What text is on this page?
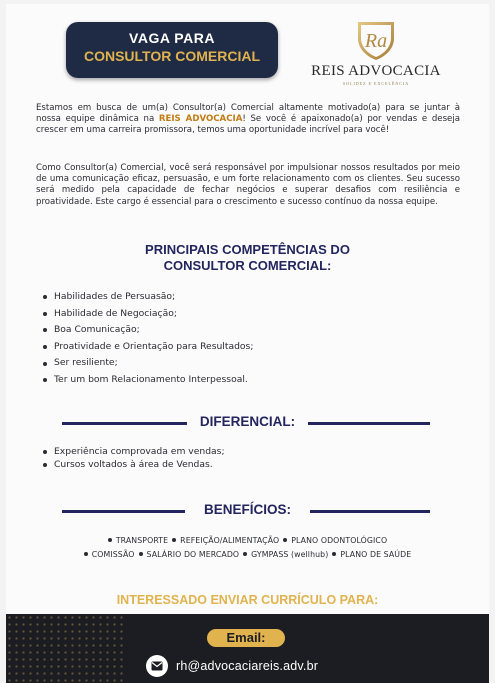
VAGA PARA
CONSULTOR COMERCIAL
Ra
REIS ADVOCACIA
SOLIDEZ E EXCELÊNCIA

Estamos em busca de um(a) Consultor(a) Comercial altamente motivado(a) para se juntar à nossa equipe dinâmica na REIS ADVOCACIA! Se você é apaixonado(a) por vendas e deseja crescer em uma carreira promissora, temos uma oportunidade incrível para você!

Como Consultor(a) Comercial, você será responsável por impulsionar nossos resultados por meio de uma comunicação eficaz, persuasão, e um forte relacionamento com os clientes. Seu sucesso será medido pela capacidade de fechar negócios e superar desafios com resiliência e proatividade. Este cargo é essencial para o crescimento e sucesso contínuo da nossa equipe.

PRINCIPAIS COMPETÊNCIAS DO
CONSULTOR COMERCIAL:
Habilidades de Persuasão;
Habilidade de Negociação;
Boa Comunicação;
Proatividade e Orientação para Resultados;
Ser resiliente;
Ter um bom Relacionamento Interpessoal.
DIFERENCIAL:
Experiência comprovada em vendas;
Cursos voltados à área de Vendas.
BENEFÍCIOS:
TRANSPORTE REFEIÇÃO/ALIMENTAÇÃO PLANO ODONTOLÓGICO
COMISSÃO SALÁRIO DO MERCADO GYMPASS (wellhub) PLANO DE SAÚDE
INTERESSADO ENVIAR CURRÍCULO PARA:
Email:
rh@advocaciareis.adv.br
